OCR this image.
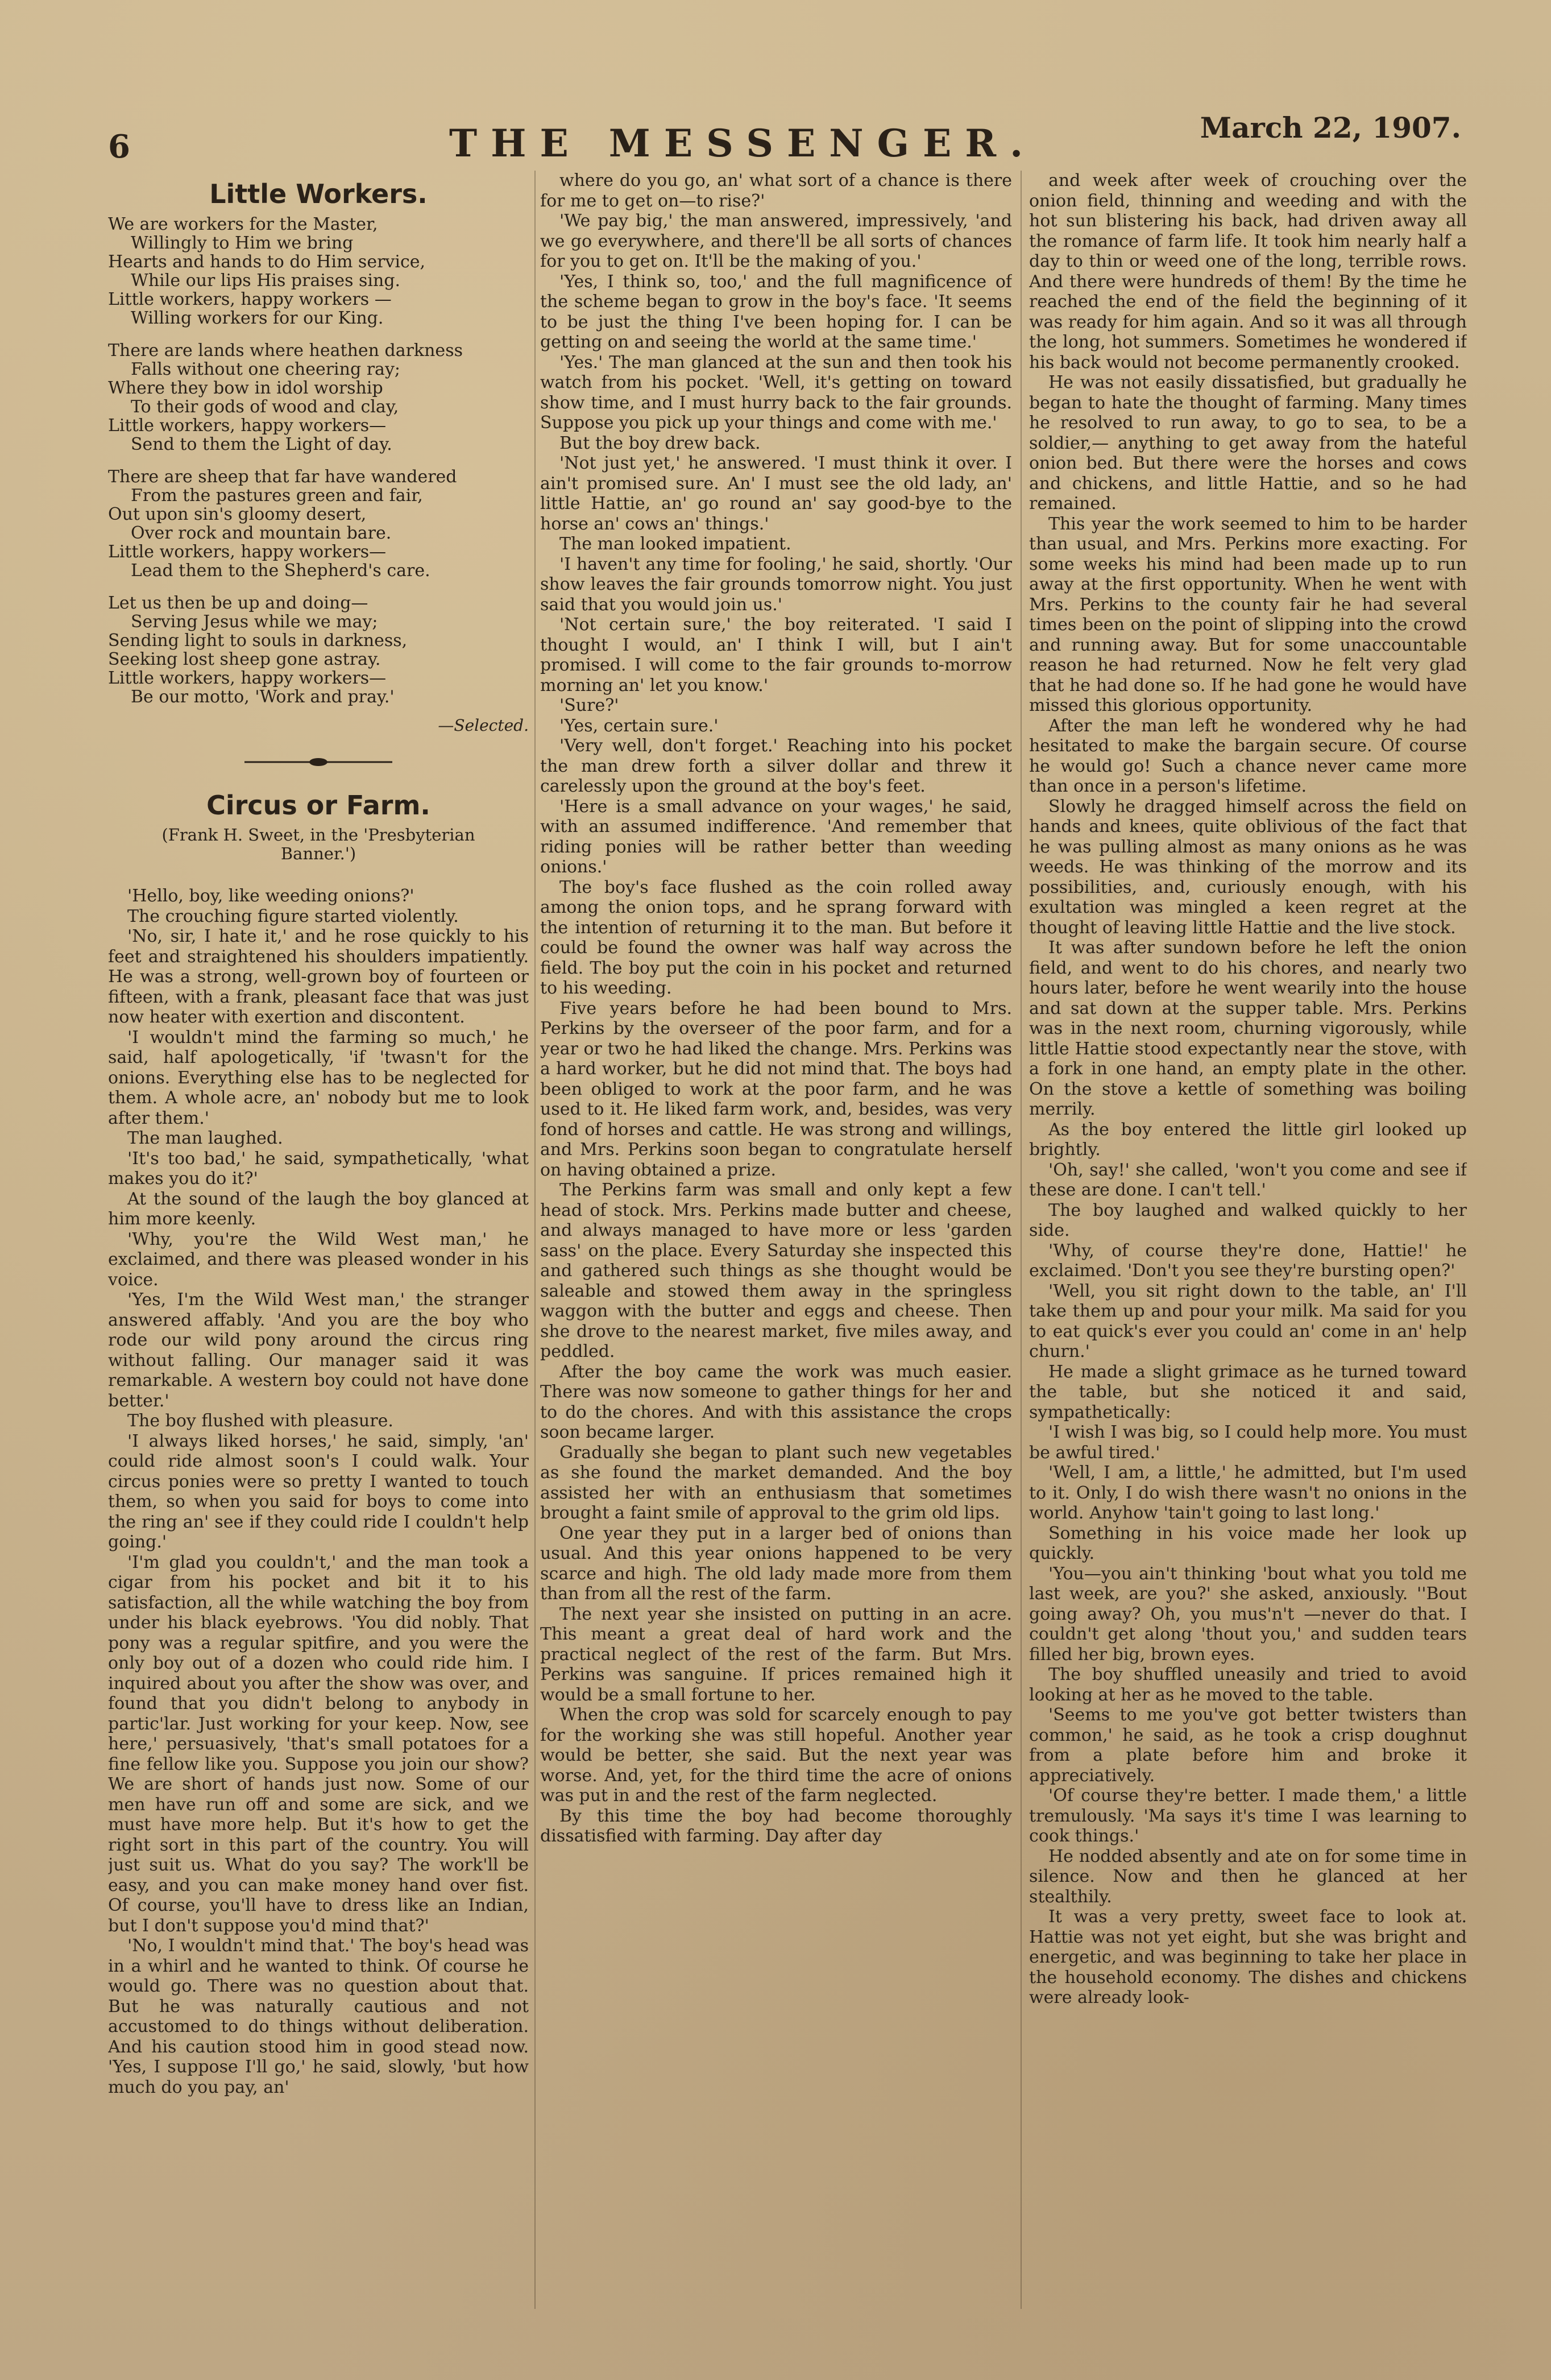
6	THE MESSENGER.	March 22, 1907.
Little Workers.
We are workers for the Master,
Willingly to Him we bring
Hearts and hands to do Him service,
While our lips His praises sing.
Little workers, happy workers —
Willing workers for our King.
There are lands where heathen darkness
Falls without one cheering ray;
Where they bow in idol worship
To their gods of wood and clay,
Little workers, happy workers—
Send to them the Light of day.
There are sheep that far have wandered
From the pastures green and fair,
Out upon sin's gloomy desert,
Over rock and mountain bare.
Little workers, happy workers—
Lead them to the Shepherd's care.
Let us then be up and doing—
Serving Jesus while we may;
Sending light to souls in darkness,
Seeking lost sheep gone astray.
Little workers, happy workers—
Be our motto, 'Work and pray.'
—Selected.
Circus or Farm.
(Frank H. Sweet, in the 'Presbyterian Banner.')

'Hello, boy, like weeding onions?'

The crouching figure started violently.

'No, sir, I hate it,' and he rose quickly to his feet and straightened his shoulders impatiently. He was a strong, well-grown boy of fourteen or fifteen, with a frank, pleasant face that was just now heater with exertion and discontent.

'I wouldn't mind the farming so much,' he said, half apologetically, 'if 'twasn't for the onions. Everything else has to be neglected for them. A whole acre, an' nobody but me to look after them.'

The man laughed.

'It's too bad,' he said, sympathetically, 'what makes you do it?'

At the sound of the laugh the boy glanced at him more keenly.

'Why, you're the Wild West man,' he exclaimed, and there was pleased wonder in his voice.

'Yes, I'm the Wild West man,' the stranger answered affably. 'And you are the boy who rode our wild pony around the circus ring without falling. Our manager said it was remarkable. A western boy could not have done better.'

The boy flushed with pleasure.

'I always liked horses,' he said, simply, 'an' could ride almost soon's I could walk. Your circus ponies were so pretty I wanted to touch them, so when you said for boys to come into the ring an' see if they could ride I couldn't help going.'

'I'm glad you couldn't,' and the man took a cigar from his pocket and bit it to his satisfaction, all the while watching the boy from under his black eyebrows. 'You did nobly. That pony was a regular spitfire, and you were the only boy out of a dozen who could ride him. I inquired about you after the show was over, and found that you didn't belong to anybody in partic'lar. Just working for your keep. Now, see here,' persuasively, 'that's small potatoes for a fine fellow like you. Suppose you join our show? We are short of hands just now. Some of our men have run off and some are sick, and we must have more help. But it's how to get the right sort in this part of the country. You will just suit us. What do you say? The work'll be easy, and you can make money hand over fist. Of course, you'll have to dress like an Indian, but I don't suppose you'd mind that?'

'No, I wouldn't mind that.' The boy's head was in a whirl and he wanted to think. Of course he would go. There was no question about that. But he was naturally cautious and not accustomed to do things without deliberation. And his caution stood him in good stead now. 'Yes, I suppose I'll go,' he said, slowly, 'but how much do you pay, an'

where do you go, an' what sort of a chance is there for me to get on—to rise?'

'We pay big,' the man answered, impressively, 'and we go everywhere, and there'll be all sorts of chances for you to get on. It'll be the making of you.'

'Yes, I think so, too,' and the full magnificence of the scheme began to grow in the boy's face. 'It seems to be just the thing I've been hoping for. I can be getting on and seeing the world at the same time.'

'Yes.' The man glanced at the sun and then took his watch from his pocket. 'Well, it's getting on toward show time, and I must hurry back to the fair grounds. Suppose you pick up your things and come with me.'

But the boy drew back.

'Not just yet,' he answered. 'I must think it over. I ain't promised sure. An' I must see the old lady, an' little Hattie, an' go round an' say good-bye to the horse an' cows an' things.'

The man looked impatient.

'I haven't any time for fooling,' he said, shortly. 'Our show leaves the fair grounds tomorrow night. You just said that you would join us.'

'Not certain sure,' the boy reiterated. 'I said I thought I would, an' I think I will, but I ain't promised. I will come to the fair grounds to-morrow morning an' let you know.'

'Sure?'

'Yes, certain sure.'

'Very well, don't forget.' Reaching into his pocket the man drew forth a silver dollar and threw it carelessly upon the ground at the boy's feet.

'Here is a small advance on your wages,' he said, with an assumed indifference. 'And remember that riding ponies will be rather better than weeding onions.'

The boy's face flushed as the coin rolled away among the onion tops, and he sprang forward with the intention of returning it to the man. But before it could be found the owner was half way across the field. The boy put the coin in his pocket and returned to his weeding.

Five years before he had been bound to Mrs. Perkins by the overseer of the poor farm, and for a year or two he had liked the change. Mrs. Perkins was a hard worker, but he did not mind that. The boys had been obliged to work at the poor farm, and he was used to it. He liked farm work, and, besides, was very fond of horses and cattle. He was strong and willings, and Mrs. Perkins soon began to congratulate herself on having obtained a prize.

The Perkins farm was small and only kept a few head of stock. Mrs. Perkins made butter and cheese, and always managed to have more or less 'garden sass' on the place. Every Saturday she inspected this and gathered such things as she thought would be saleable and stowed them away in the springless waggon with the butter and eggs and cheese. Then she drove to the nearest market, five miles away, and peddled.

After the boy came the work was much easier. There was now someone to gather things for her and to do the chores. And with this assistance the crops soon became larger.

Gradually she began to plant such new vegetables as she found the market demanded. And the boy assisted her with an enthusiasm that sometimes brought a faint smile of approval to the grim old lips.

One year they put in a larger bed of onions than usual. And this year onions happened to be very scarce and high. The old lady made more from them than from all the rest of the farm.

The next year she insisted on putting in an acre. This meant a great deal of hard work and the practical neglect of the rest of the farm. But Mrs. Perkins was sanguine. If prices remained high it would be a small fortune to her.

When the crop was sold for scarcely enough to pay for the working she was still hopeful. Another year would be better, she said. But the next year was worse. And, yet, for the third time the acre of onions was put in and the rest of the farm neglected.

By this time the boy had become thoroughly dissatisfied with farming. Day after day

and week after week of crouching over the onion field, thinning and weeding and with the hot sun blistering his back, had driven away all the romance of farm life. It took him nearly half a day to thin or weed one of the long, terrible rows. And there were hundreds of them! By the time he reached the end of the field the beginning of it was ready for him again. And so it was all through the long, hot summers. Sometimes he wondered if his back would not become permanently crooked.

He was not easily dissatisfied, but gradually he began to hate the thought of farming. Many times he resolved to run away, to go to sea, to be a soldier,— anything to get away from the hateful onion bed. But there were the horses and cows and chickens, and little Hattie, and so he had remained.

This year the work seemed to him to be harder than usual, and Mrs. Perkins more exacting. For some weeks his mind had been made up to run away at the first opportunity. When he went with Mrs. Perkins to the county fair he had several times been on the point of slipping into the crowd and running away. But for some unaccountable reason he had returned. Now he felt very glad that he had done so. If he had gone he would have missed this glorious opportunity.

After the man left he wondered why he had hesitated to make the bargain secure. Of course he would go! Such a chance never came more than once in a person's lifetime.

Slowly he dragged himself across the field on hands and knees, quite oblivious of the fact that he was pulling almost as many onions as he was weeds. He was thinking of the morrow and its possibilities, and, curiously enough, with his exultation was mingled a keen regret at the thought of leaving little Hattie and the live stock.

It was after sundown before he left the onion field, and went to do his chores, and nearly two hours later, before he went wearily into the house and sat down at the supper table. Mrs. Perkins was in the next room, churning vigorously, while little Hattie stood expectantly near the stove, with a fork in one hand, an empty plate in the other. On the stove a kettle of something was boiling merrily.

As the boy entered the little girl looked up brightly.

'Oh, say!' she called, 'won't you come and see if these are done. I can't tell.'

The boy laughed and walked quickly to her side.

'Why, of course they're done, Hattie!' he exclaimed. 'Don't you see they're bursting open?'

'Well, you sit right down to the table, an' I'll take them up and pour your milk. Ma said for you to eat quick's ever you could an' come in an' help churn.'

He made a slight grimace as he turned toward the table, but she noticed it and said, sympathetically:

'I wish I was big, so I could help more. You must be awful tired.'

'Well, I am, a little,' he admitted, but I'm used to it. Only, I do wish there wasn't no onions in the world. Anyhow 'tain't going to last long.'

Something in his voice made her look up quickly.

'You—you ain't thinking 'bout what you told me last week, are you?' she asked, anxiously. ''Bout going away? Oh, you mus'n't —never do that. I couldn't get along 'thout you,' and sudden tears filled her big, brown eyes.

The boy shuffled uneasily and tried to avoid looking at her as he moved to the table.

'Seems to me you've got better twisters than common,' he said, as he took a crisp doughnut from a plate before him and broke it appreciatively.

'Of course they're better. I made them,' a little tremulously. 'Ma says it's time I was learning to cook things.'

He nodded absently and ate on for some time in silence. Now and then he glanced at her stealthily.

It was a very pretty, sweet face to look at. Hattie was not yet eight, but she was bright and energetic, and was beginning to take her place in the household economy. The dishes and chickens were already look-
